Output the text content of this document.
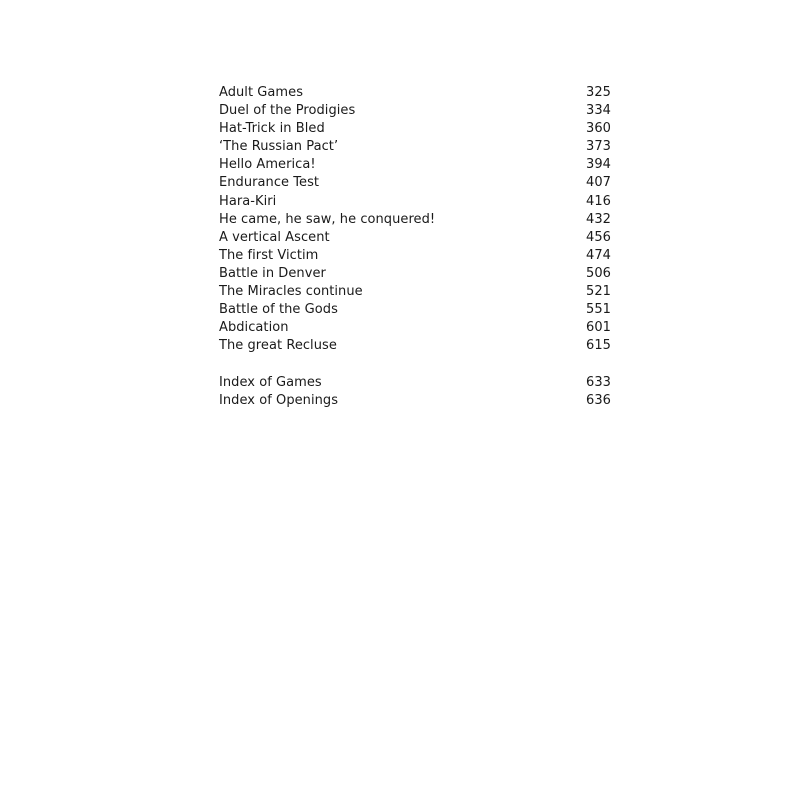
Adult Games	325
Duel of the Prodigies	334
Hat-Trick in Bled	360
‘The Russian Pact’	373
Hello America!	394
Endurance Test	407
Hara-Kiri	416
He came, he saw, he conquered!	432
A vertical Ascent	456
The first Victim	474
Battle in Denver	506
The Miracles continue	521
Battle of the Gods	551
Abdication	601
The great Recluse	615
Index of Games	633
Index of Openings	636
